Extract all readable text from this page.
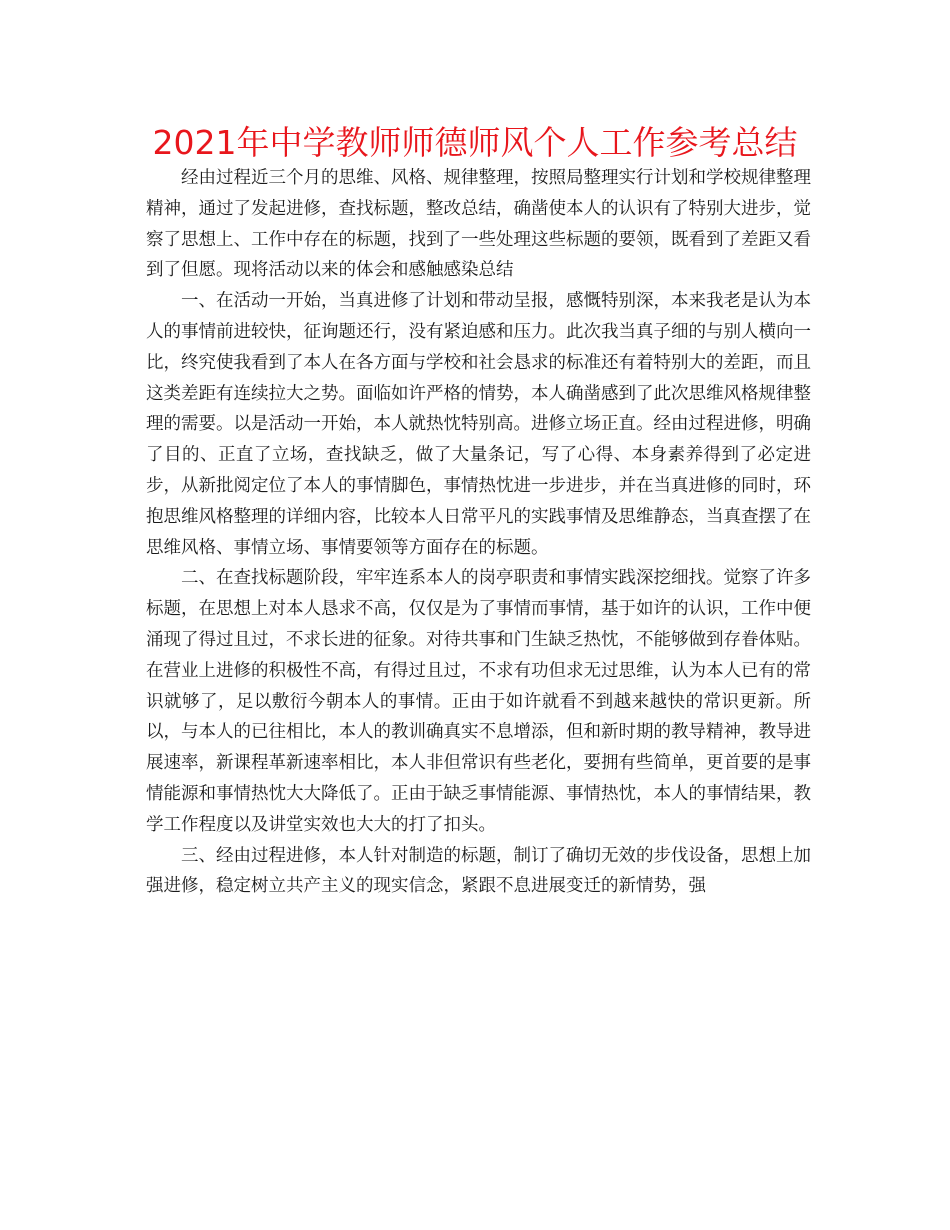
2021年中学教师师德师风个人工作参考总结

经由过程近三个月的思维、风格、规律整理，按照局整理实行计划和学校规律整理精神，通过了发起进修，查找标题，整改总结，确凿使本人的认识有了特别大进步，觉察了思想上、工作中存在的标题，找到了一些处理这些标题的要领，既看到了差距又看到了但愿。现将活动以来的体会和感触感染总结

一、在活动一开始，当真进修了计划和带动呈报，感慨特别深，本来我老是认为本人的事情前进较快，征询题还行，没有紧迫感和压力。此次我当真子细的与别人横向一比，终究使我看到了本人在各方面与学校和社会恳求的标准还有着特别大的差距，而且这类差距有连续拉大之势。面临如许严格的情势，本人确凿感到了此次思维风格规律整理的需要。以是活动一开始，本人就热忱特别高。进修立场正直。经由过程进修，明确了目的、正直了立场，查找缺乏，做了大量条记，写了心得、本身素养得到了必定进步，从新批阅定位了本人的事情脚色，事情热忱进一步进步，并在当真进修的同时，环抱思维风格整理的详细内容，比较本人日常平凡的实践事情及思维静态，当真查摆了在思维风格、事情立场、事情要领等方面存在的标题。

二、在查找标题阶段，牢牢连系本人的岗亭职责和事情实践深挖细找。觉察了许多标题，在思想上对本人恳求不高，仅仅是为了事情而事情，基于如许的认识，工作中便涌现了得过且过，不求长进的征象。对待共事和门生缺乏热忱，不能够做到存眷体贴。在营业上进修的积极性不高，有得过且过，不求有功但求无过思维，认为本人已有的常识就够了，足以敷衍今朝本人的事情。正由于如许就看不到越来越快的常识更新。所以，与本人的已往相比，本人的教训确真实不息增添，但和新时期的教导精神，教导进展速率，新课程革新速率相比，本人非但常识有些老化，要拥有些简单，更首要的是事情能源和事情热忱大大降低了。正由于缺乏事情能源、事情热忱，本人的事情结果，教学工作程度以及讲堂实效也大大的打了扣头。

三、经由过程进修，本人针对制造的标题，制订了确切无效的步伐设备，思想上加强进修，稳定树立共产主义的现实信念，紧跟不息进展变迁的新情势，强
